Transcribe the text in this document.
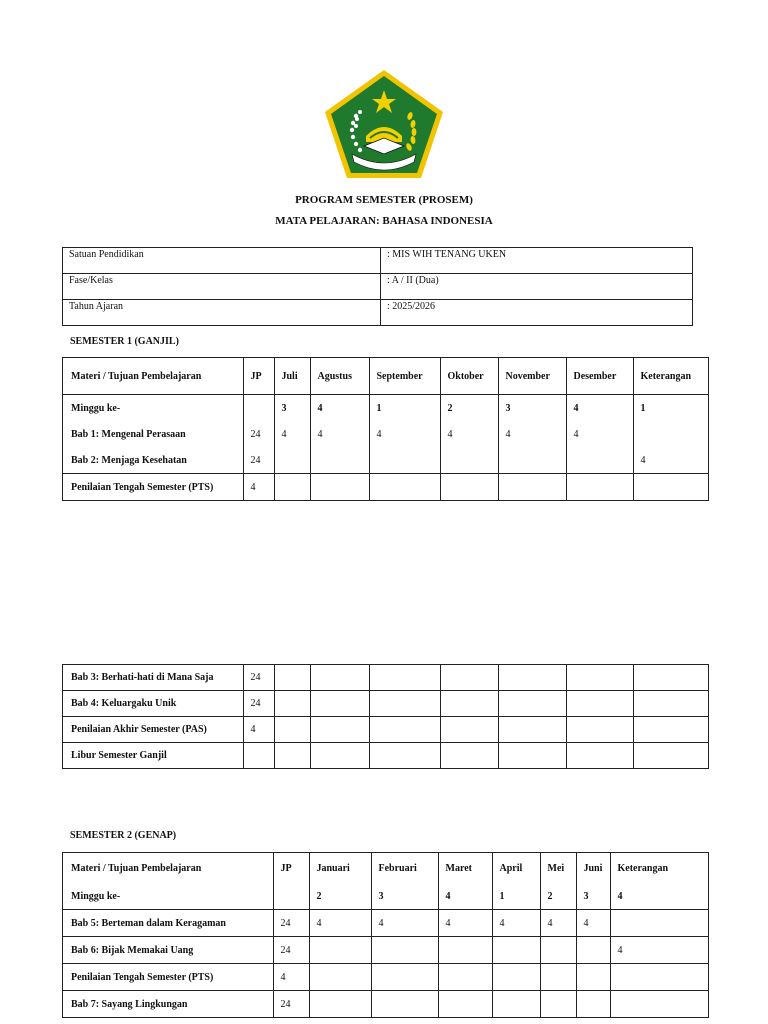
PROGRAM SEMESTER (PROSEM)
MATA PELAJARAN: BAHASA INDONESIA
Satuan Pendidikan	: MIS WIH TENANG UKEN
Fase/Kelas	: A / II (Dua)
Tahun Ajaran	: 2025/2026
SEMESTER 1 (GANJIL)
Materi / Tujuan Pembelajaran	JP	Juli	Agustus	September	Oktober	November	Desember	Keterangan
Minggu ke-		3	4	1	2	3	4	1
Bab 1: Mengenal Perasaan	24	4	4	4	4	4	4	
Bab 2: Menjaga Kesehatan	24							4
Penilaian Tengah Semester (PTS)	4							
Bab 3: Berhati-hati di Mana Saja	24							
Bab 4: Keluargaku Unik	24							
Penilaian Akhir Semester (PAS)	4							
Libur Semester Ganjil								
SEMESTER 2 (GENAP)
Materi / Tujuan Pembelajaran	JP	Januari	Februari	Maret	April	Mei	Juni	Keterangan
Minggu ke-		2	3	4	1	2	3	4
Bab 5: Berteman dalam Keragaman	24	4	4	4	4	4	4	
Bab 6: Bijak Memakai Uang	24							4
Penilaian Tengah Semester (PTS)	4							
Bab 7: Sayang Lingkungan	24							
